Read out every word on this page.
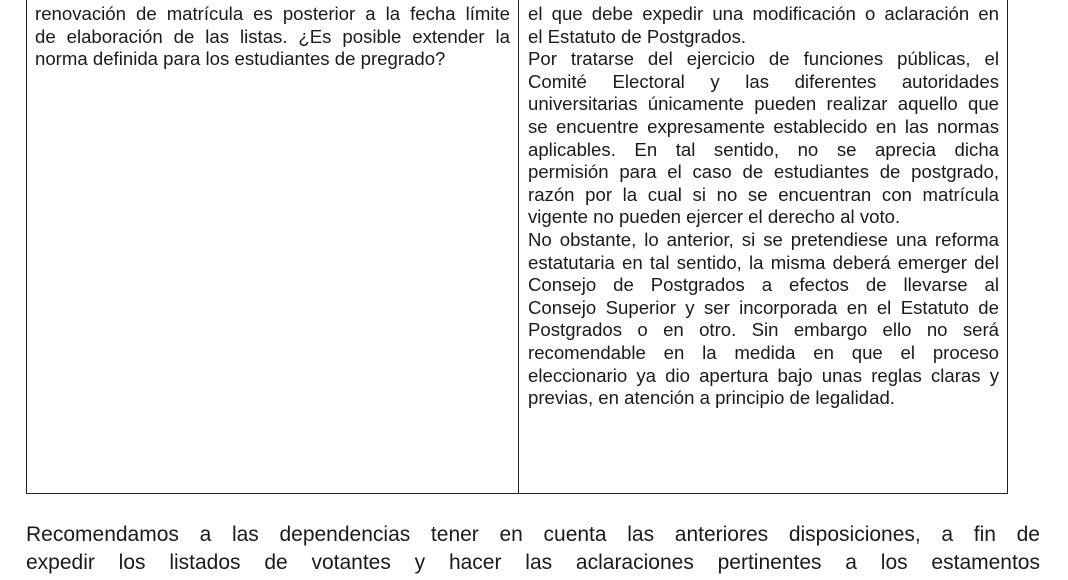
renovación de matrícula es posterior a la fecha límite
de elaboración de las listas. ¿Es posible extender la
norma definida para los estudiantes de pregrado?
el que debe expedir una modificación o aclaración en
el Estatuto de Postgrados.
Por tratarse del ejercicio de funciones públicas, el
Comité Electoral y las diferentes autoridades
universitarias únicamente pueden realizar aquello que
se encuentre expresamente establecido en las normas
aplicables. En tal sentido, no se aprecia dicha
permisión para el caso de estudiantes de postgrado,
razón por la cual si no se encuentran con matrícula
vigente no pueden ejercer el derecho al voto.
No obstante, lo anterior, si se pretendiese una reforma
estatutaria en tal sentido, la misma deberá emerger del
Consejo de Postgrados a efectos de llevarse al
Consejo Superior y ser incorporada en el Estatuto de
Postgrados o en otro. Sin embargo ello no será
recomendable en la medida en que el proceso
eleccionario ya dio apertura bajo unas reglas claras y
previas, en atención a principio de legalidad.
Recomendamos a las dependencias tener en cuenta las anteriores disposiciones, a fin de
expedir los listados de votantes y hacer las aclaraciones pertinentes a los estamentos
